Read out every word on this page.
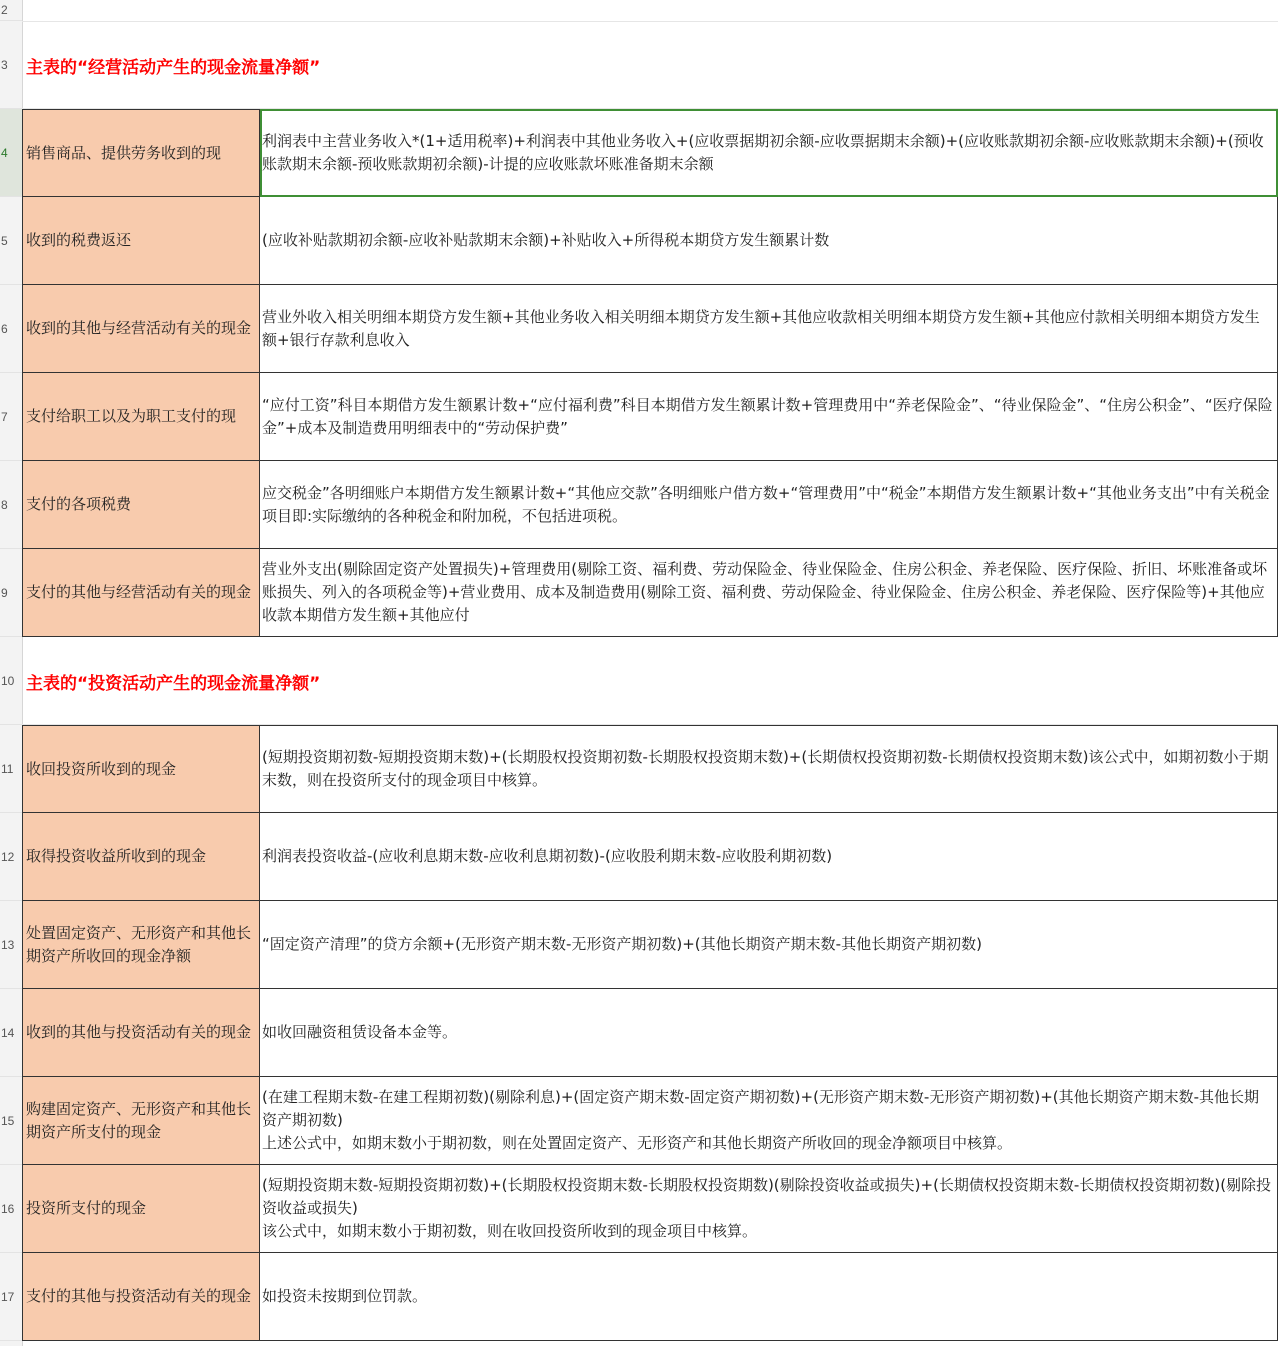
主表的“经营活动产生的现金流量净额”
销售商品、提供劳务收到的现
利润表中主营业务收入*(1+适用税率)+利润表中其他业务收入+(应收票据期初余额-应收票据期末余额)+(应收账款期初余额-应收账款期末余额)+(预收账款期末余额-预收账款期初余额)-计提的应收账款坏账准备期末余额
收到的税费返还	(应收补贴款期初余额-应收补贴款期末余额)+补贴收入+所得税本期贷方发生额累计数
收到的其他与经营活动有关的现金
营业外收入相关明细本期贷方发生额+其他业务收入相关明细本期贷方发生额+其他应收款相关明细本期贷方发生额+其他应付款相关明细本期贷方发生额+银行存款利息收入
支付给职工以及为职工支付的现
“应付工资”科目本期借方发生额累计数+“应付福利费”科目本期借方发生额累计数+管理费用中“养老保险金”、“待业保险金”、“住房公积金”、“医疗保险金”+成本及制造费用明细表中的“劳动保护费”
支付的各项税费
应交税金”各明细账户本期借方发生额累计数+“其他应交款”各明细账户借方数+“管理费用”中“税金”本期借方发生额累计数+“其他业务支出”中有关税金项目即:实际缴纳的各种税金和附加税，不包括进项税。
支付的其他与经营活动有关的现金
营业外支出(剔除固定资产处置损失)+管理费用(剔除工资、福利费、劳动保险金、待业保险金、住房公积金、养老保险、医疗保险、折旧、坏账准备或坏账损失、列入的各项税金等)+营业费用、成本及制造费用(剔除工资、福利费、劳动保险金、待业保险金、住房公积金、养老保险、医疗保险等)+其他应收款本期借方发生额+其他应付
主表的“投资活动产生的现金流量净额”
收回投资所收到的现金
(短期投资期初数-短期投资期末数)+(长期股权投资期初数-长期股权投资期末数)+(长期债权投资期初数-长期债权投资期末数)该公式中，如期初数小于期末数，则在投资所支付的现金项目中核算。
取得投资收益所收到的现金	利润表投资收益-(应收利息期末数-应收利息期初数)-(应收股利期末数-应收股利期初数)
处置固定资产、无形资产和其他长期资产所收回的现金净额
“固定资产清理”的贷方余额+(无形资产期末数-无形资产期初数)+(其他长期资产期末数-其他长期资产期初数)
收到的其他与投资活动有关的现金 如收回融资租赁设备本金等。
购建固定资产、无形资产和其他长期资产所支付的现金
(在建工程期末数-在建工程期初数)(剔除利息)+(固定资产期末数-固定资产期初数)+(无形资产期末数-无形资产期初数)+(其他长期资产期末数-其他长期资产期初数)
上述公式中，如期末数小于期初数，则在处置固定资产、无形资产和其他长期资产所收回的现金净额项目中核算。
投资所支付的现金
(短期投资期末数-短期投资期初数)+(长期股权投资期末数-长期股权投资期数)(剔除投资收益或损失)+(长期债权投资期末数-长期债权投资期初数)(剔除投资收益或损失)
该公式中，如期末数小于期初数，则在收回投资所收到的现金项目中核算。
支付的其他与投资活动有关的现金 如投资未按期到位罚款。
2
3
4
5
6
7
8
9
10
11
12
13
14
15
16
17
